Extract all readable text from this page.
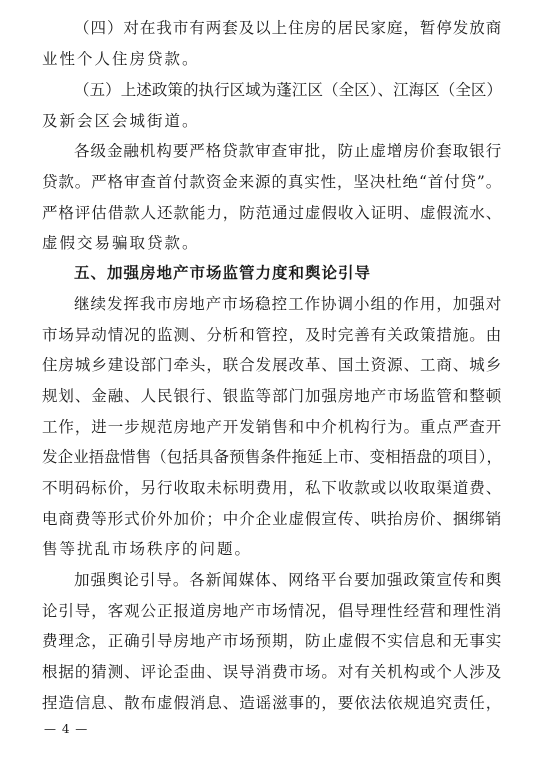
（四）对在我市有两套及以上住房的居民家庭，暂停发放商
业性个人住房贷款。
（五）上述政策的执行区域为蓬江区（全区）、江海区（全区）
及新会区会城街道。
各级金融机构要严格贷款审查审批，防止虚增房价套取银行
贷款。严格审查首付款资金来源的真实性，坚决杜绝“首付贷”。
严格评估借款人还款能力，防范通过虚假收入证明、虚假流水、
虚假交易骗取贷款。
五、加强房地产市场监管力度和舆论引导
继续发挥我市房地产市场稳控工作协调小组的作用，加强对
市场异动情况的监测、分析和管控，及时完善有关政策措施。由
住房城乡建设部门牵头，联合发展改革、国土资源、工商、城乡
规划、金融、人民银行、银监等部门加强房地产市场监管和整顿
工作，进一步规范房地产开发销售和中介机构行为。重点严查开
发企业捂盘惜售（包括具备预售条件拖延上市、变相捂盘的项目），
不明码标价，另行收取未标明费用，私下收款或以收取渠道费、
电商费等形式价外加价；中介企业虚假宣传、哄抬房价、捆绑销
售等扰乱市场秩序的问题。
加强舆论引导。各新闻媒体、网络平台要加强政策宣传和舆
论引导，客观公正报道房地产市场情况，倡导理性经营和理性消
费理念，正确引导房地产市场预期，防止虚假不实信息和无事实
根据的猜测、评论歪曲、误导消费市场。对有关机构或个人涉及
捏造信息、散布虚假消息、造谣滋事的，要依法依规追究责任，
— 4 —
